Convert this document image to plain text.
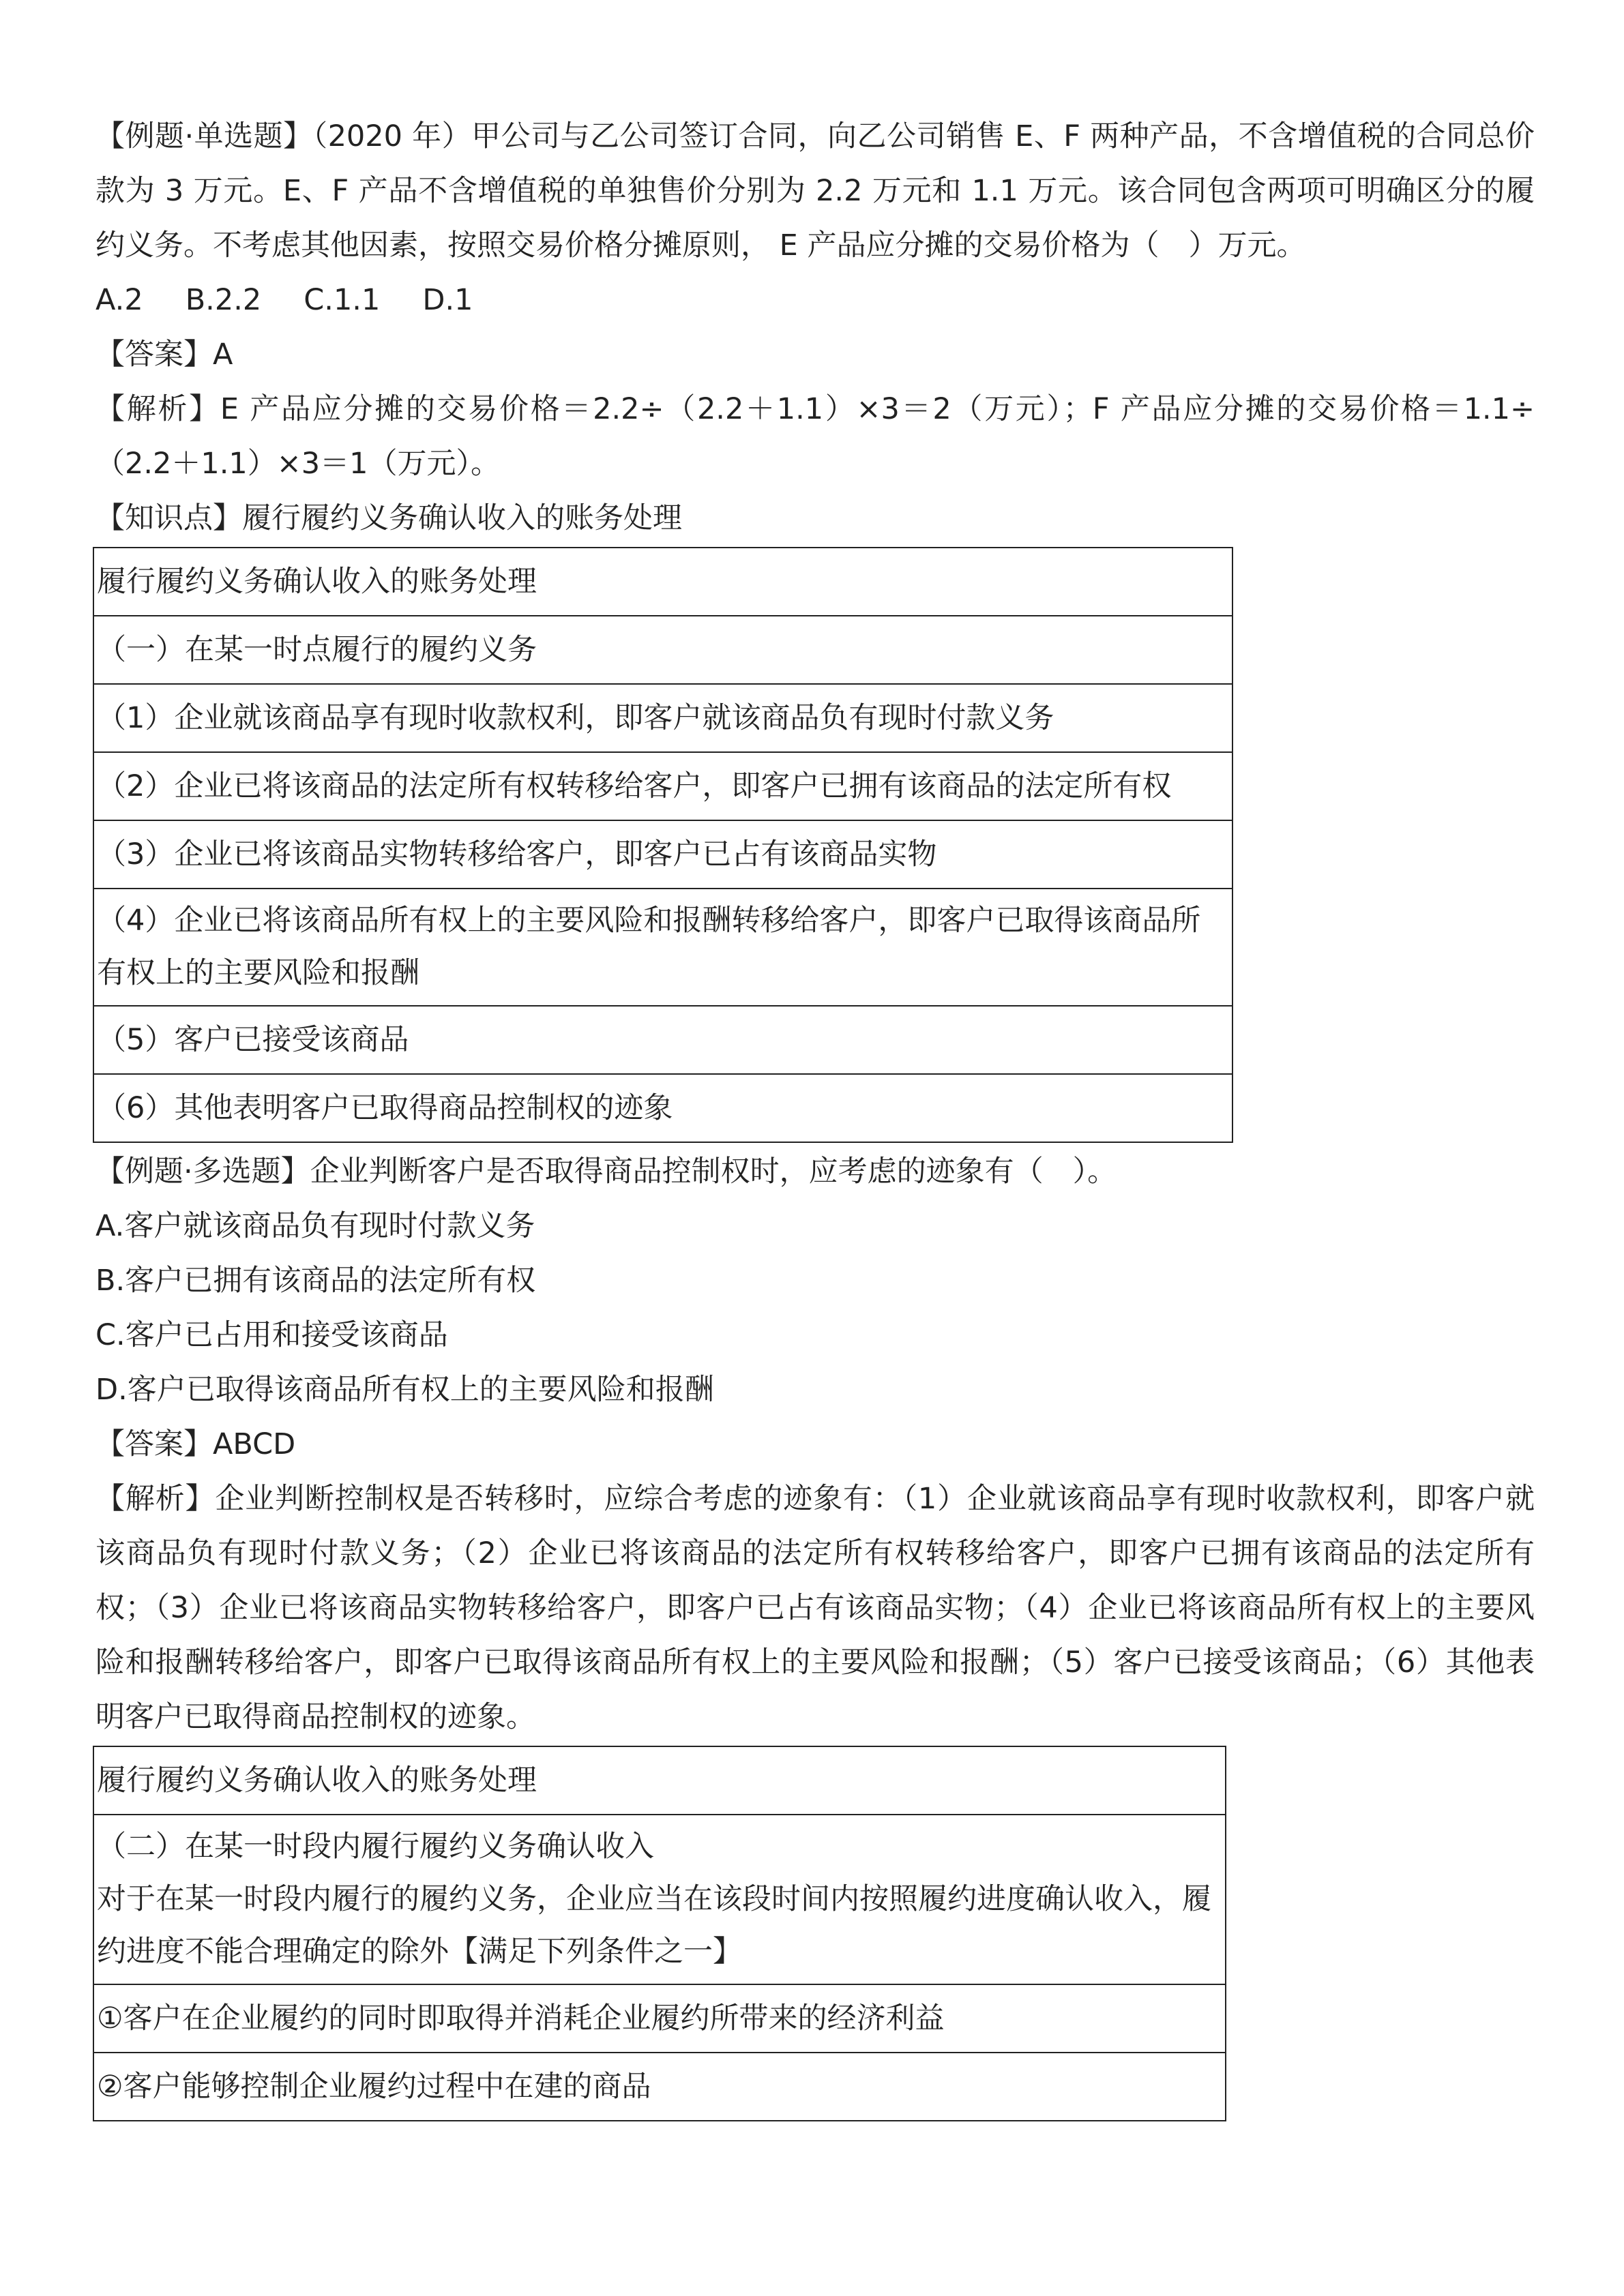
【例题·单选题】（2020 年）甲公司与乙公司签订合同，向乙公司销售 E、F 两种产品，不含增值税的合同总价款为 3 万元。E、F 产品不含增值税的单独售价分别为 2.2 万元和 1.1 万元。该合同包含两项可明确区分的履约义务。不考虑其他因素，按照交易价格分摊原则， E 产品应分摊的交易价格为（　）万元。
A.2 B.2.2 C.1.1 D.1
【答案】A
【解析】E 产品应分摊的交易价格＝2.2÷（2.2＋1.1）×3＝2（万元）；F 产品应分摊的交易价格＝1.1÷（2.2＋1.1）×3＝1（万元）。
【知识点】履行履约义务确认收入的账务处理
履行履约义务确认收入的账务处理
（一）在某一时点履行的履约义务
（1）企业就该商品享有现时收款权利，即客户就该商品负有现时付款义务
（2）企业已将该商品的法定所有权转移给客户，即客户已拥有该商品的法定所有权
（3）企业已将该商品实物转移给客户，即客户已占有该商品实物
（4）企业已将该商品所有权上的主要风险和报酬转移给客户，即客户已取得该商品所有权上的主要风险和报酬
（5）客户已接受该商品
（6）其他表明客户已取得商品控制权的迹象
【例题·多选题】企业判断客户是否取得商品控制权时，应考虑的迹象有（　）。
A.客户就该商品负有现时付款义务
B.客户已拥有该商品的法定所有权
C.客户已占用和接受该商品
D.客户已取得该商品所有权上的主要风险和报酬
【答案】ABCD
【解析】企业判断控制权是否转移时，应综合考虑的迹象有：（1）企业就该商品享有现时收款权利，即客户就该商品负有现时付款义务；（2）企业已将该商品的法定所有权转移给客户，即客户已拥有该商品的法定所有权；（3）企业已将该商品实物转移给客户，即客户已占有该商品实物；（4）企业已将该商品所有权上的主要风险和报酬转移给客户，即客户已取得该商品所有权上的主要风险和报酬；（5）客户已接受该商品；（6）其他表明客户已取得商品控制权的迹象。
履行履约义务确认收入的账务处理

（二）在某一时段内履行履约义务确认收入
对于在某一时段内履行的履约义务，企业应当在该段时间内按照履约进度确认收入，履约进度不能合理确定的除外【满足下列条件之一】

①客户在企业履约的同时即取得并消耗企业履约所带来的经济利益
②客户能够控制企业履约过程中在建的商品
